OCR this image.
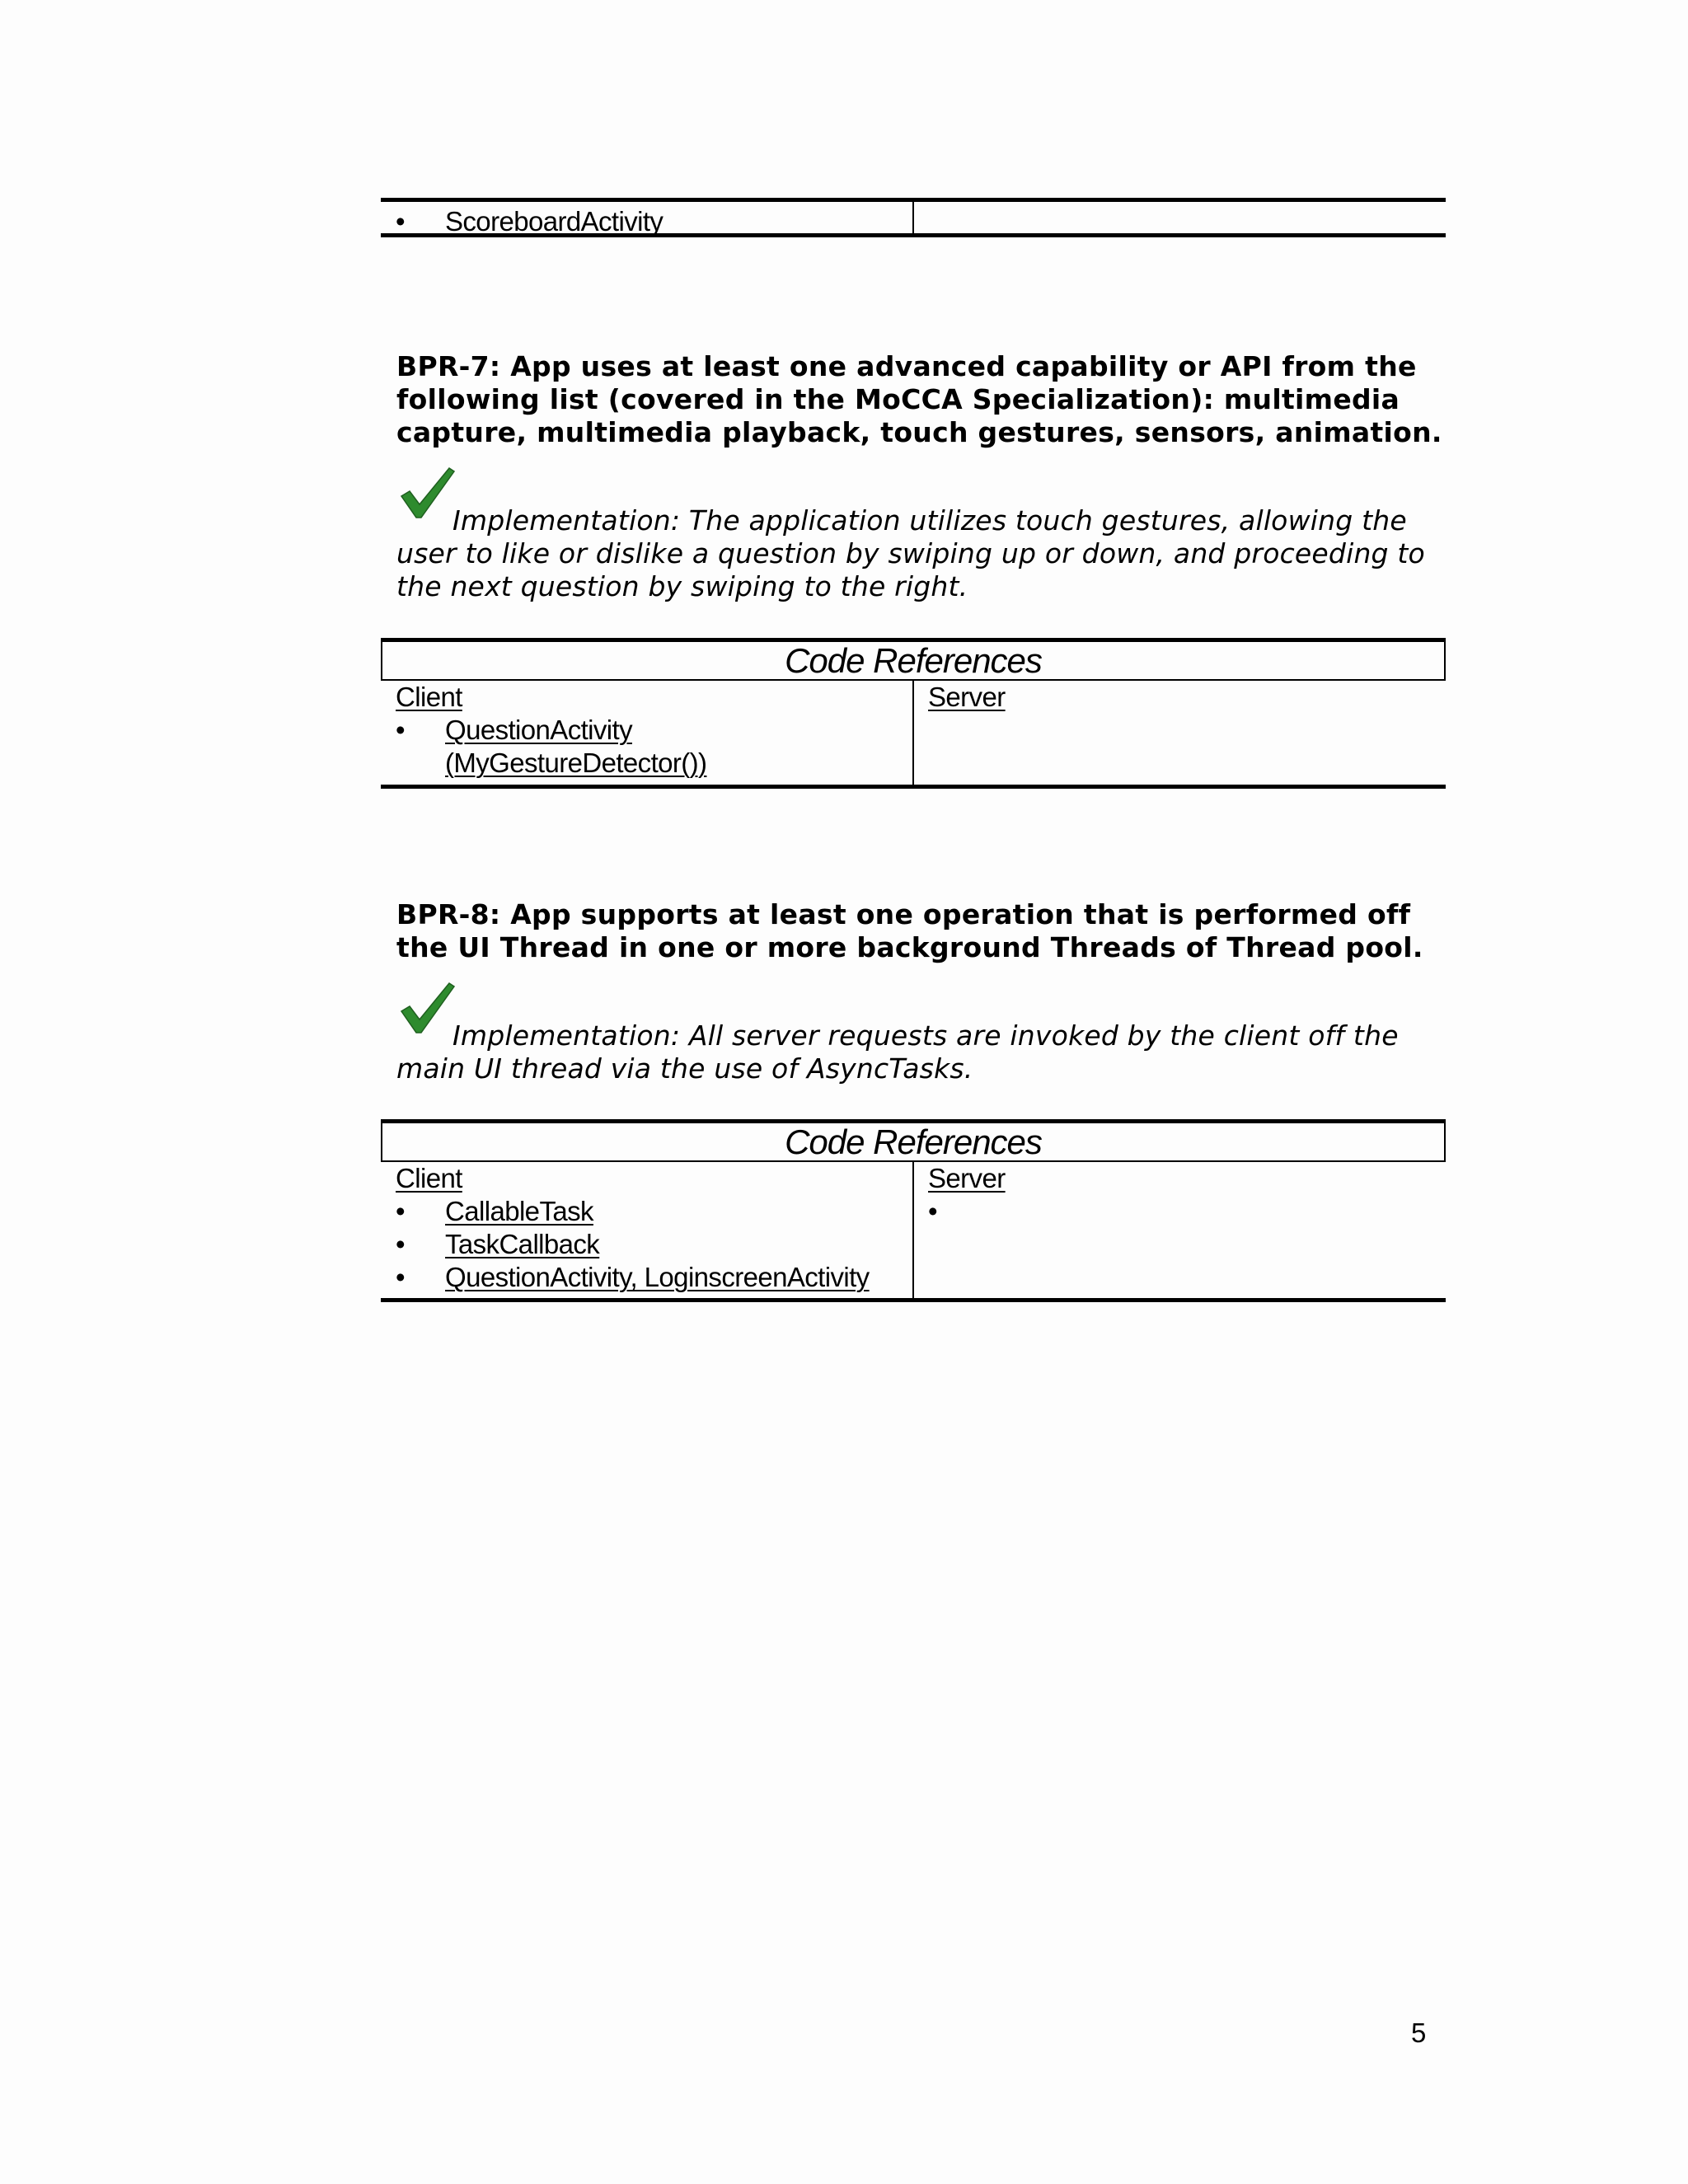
•	ScoreboardActivity
BPR-7: App uses at least one advanced capability or API from the
following list (covered in the MoCCA Specialization): multimedia
capture, multimedia playback, touch gestures, sensors, animation.
Implementation: The application utilizes touch gestures, allowing the
user to like or dislike a question by swiping up or down, and proceeding to
the next question by swiping to the right.
Code References
Client
•	QuestionActivity
(MyGestureDetector())
Server
BPR-8: App supports at least one operation that is performed off
the UI Thread in one or more background Threads of Thread pool.
Implementation: All server requests are invoked by the client off the
main UI thread via the use of AsyncTasks.
Code References
Client
•	CallableTask
•	TaskCallback
•	QuestionActivity, LoginscreenActivity
Server
•
5
